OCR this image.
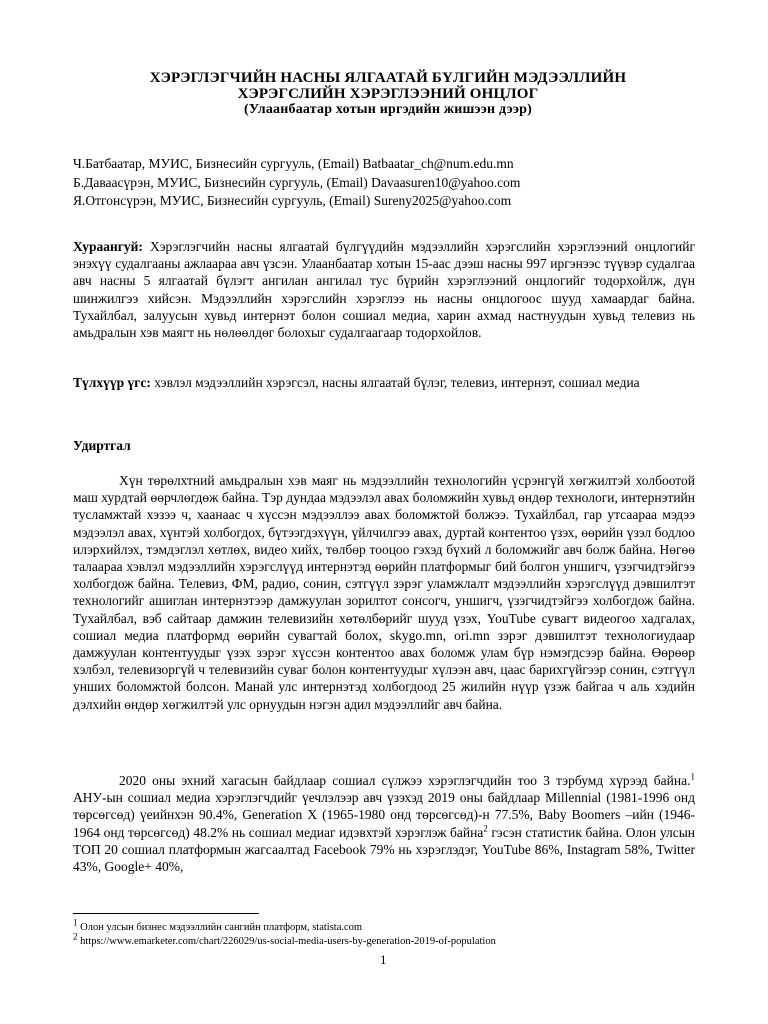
ХЭРЭГЛЭГЧИЙН НАСНЫ ЯЛГААТАЙ БҮЛГИЙН МЭДЭЭЛЛИЙН
ХЭРЭГСЛИЙН ХЭРЭГЛЭЭНИЙ ОНЦЛОГ
(Улаанбаатар хотын иргэдийн жишээн дээр)
Ч.Батбаатар, МУИС, Бизнесийн сургууль, (Email) Batbaatar_ch@num.edu.mn
Б.Даваасүрэн, МУИС, Бизнесийн сургууль, (Email) Davaasuren10@yahoo.com
Я.Отгонсүрэн, МУИС, Бизнесийн сургууль, (Email) Sureny2025@yahoo.com
Хураангуй: Хэрэглэгчийн насны ялгаатай бүлгүүдийн мэдээллийн хэрэгслийн хэрэглээний онцлогийг энэхүү судалгааны ажлаараа авч үзсэн. Улаанбаатар хотын 15-аас дээш насны 997 иргэнээс түүвэр судалгаа авч насны 5 ялгаатай бүлэгт ангилан ангилал тус бүрийн хэрэглээний онцлогийг тодорхойлж, дүн шинжилгээ хийсэн. Мэдээллийн хэрэгслийн хэрэглээ нь насны онцлогоос шууд хамаардаг байна. Тухайлбал, залуусын хувьд интернэт болон сошиал медиа, харин ахмад настнуудын хувьд телевиз нь амьдралын хэв маягт нь нөлөөлдөг болохыг судалгаагаар тодорхойлов.
Түлхүүр үгс: хэвлэл мэдээллийн хэрэгсэл, насны ялгаатай бүлэг, телевиз, интернэт, сошиал медиа
Удиртгал
Хүн төрөлхтний амьдралын хэв маяг нь мэдээллийн технологийн үсрэнгүй хөгжилтэй холбоотой маш хурдтай өөрчлөгдөж байна. Тэр дундаа мэдээлэл авах боломжийн хувьд өндөр технологи, интернэтийн тусламжтай хэзээ ч, хаанаас ч хүссэн мэдээллээ авах боломжтой болжээ. Тухайлбал, гар утсаараа мэдээ мэдээлэл авах, хүнтэй холбогдох, бүтээгдэхүүн, үйлчилгээ авах, дуртай контентоо үзэх, өөрийн үзэл бодлоо илэрхийлэх, тэмдэглэл хөтлөх, видео хийх, төлбөр тооцоо гэхэд бүхий л боломжийг авч болж байна. Нөгөө талаараа хэвлэл мэдээллийн хэрэгслүүд интернэтэд өөрийн платформыг бий болгон уншигч, үзэгчидтэйгээ холбогдож байна. Телевиз, ФМ, радио, сонин, сэтгүүл зэрэг уламжлалт мэдээллийн хэрэгслүүд дэвшилтэт технологийг ашиглан интернэтээр дамжуулан зорилтот сонсогч, уншигч, үзэгчидтэйгээ холбогдож байна. Тухайлбал, вэб сайтаар дамжин телевизийн хөтөлбөрийг шууд үзэх, YouTube сувагт видеогоо хадгалах, сошиал медиа платформд өөрийн сувагтай болох, skygo.mn, ori.mn зэрэг дэвшилтэт технологиудаар дамжуулан контентуудыг үзэх зэрэг хүссэн контентоо авах боломж улам бүр нэмэгдсээр байна. Өөрөөр хэлбэл, телевизоргүй ч телевизийн суваг болон контентуудыг хүлээн авч, цаас барихгүйгээр сонин, сэтгүүл унших боломжтой болсон. Манай улс интернэтэд холбогдоод 25 жилийн нүүр үзэж байгаа ч аль хэдийн дэлхийн өндөр хөгжилтэй улс орнуудын нэгэн адил мэдээллийг авч байна.
2020 оны эхний хагасын байдлаар сошиал сүлжээ хэрэглэгчдийн тоо 3 тэрбумд хүрээд байна.$^1$ АНУ-ын сошиал медиа хэрэглэгчдийг үечлэлээр авч үзэхэд 2019 оны байдлаар Millennial (1981-1996 онд төрсөгсөд) үеийнхэн 90.4%, Generation X (1965-1980 онд төрсөгсөд)-н 77.5%, Baby Boomers –ийн (1946-1964 онд төрсөгсөд) 48.2% нь сошиал медиаг идэвхтэй хэрэглэж байна$^2$ гэсэн статистик байна. Олон улсын ТОП 20 сошиал платформын жагсаалтад Facebook 79% нь хэрэглэдэг, YouTube 86%, Instagram 58%, Twitter 43%, Google+ 40%,
$^1$ Олон улсын бизнес мэдээллийн сангийн платформ, statista.com
$^2$ https://www.emarketer.com/chart/226029/us-social-media-users-by-generation-2019-of-population
1
